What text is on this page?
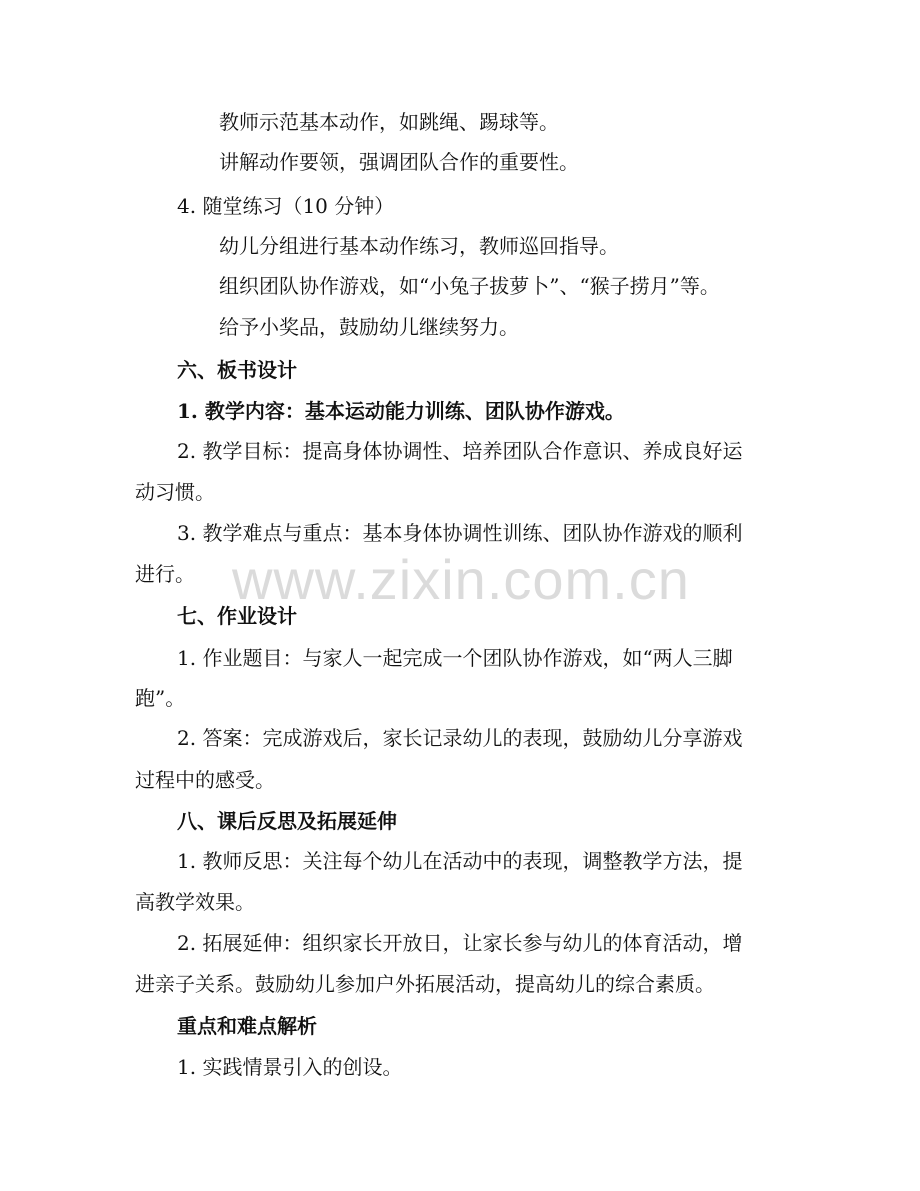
教师示范基本动作，如跳绳、踢球等。
讲解动作要领，强调团队合作的重要性。
4. 随堂练习（10 分钟）
幼儿分组进行基本动作练习，教师巡回指导。
组织团队协作游戏，如“小兔子拔萝卜”、“猴子捞月”等。
给予小奖品，鼓励幼儿继续努力。
六、板书设计
1. 教学内容：基本运动能力训练、团队协作游戏。
2. 教学目标：提高身体协调性、培养团队合作意识、养成良好运
动习惯。
3. 教学难点与重点：基本身体协调性训练、团队协作游戏的顺利
进行。
七、作业设计
1. 作业题目：与家人一起完成一个团队协作游戏，如“两人三脚
跑”。
2. 答案：完成游戏后，家长记录幼儿的表现，鼓励幼儿分享游戏
过程中的感受。
八、课后反思及拓展延伸
1. 教师反思：关注每个幼儿在活动中的表现，调整教学方法，提
高教学效果。
2. 拓展延伸：组织家长开放日，让家长参与幼儿的体育活动，增
进亲子关系。鼓励幼儿参加户外拓展活动，提高幼儿的综合素质。
重点和难点解析
1. 实践情景引入的创设。
www.zixin.com.cn
